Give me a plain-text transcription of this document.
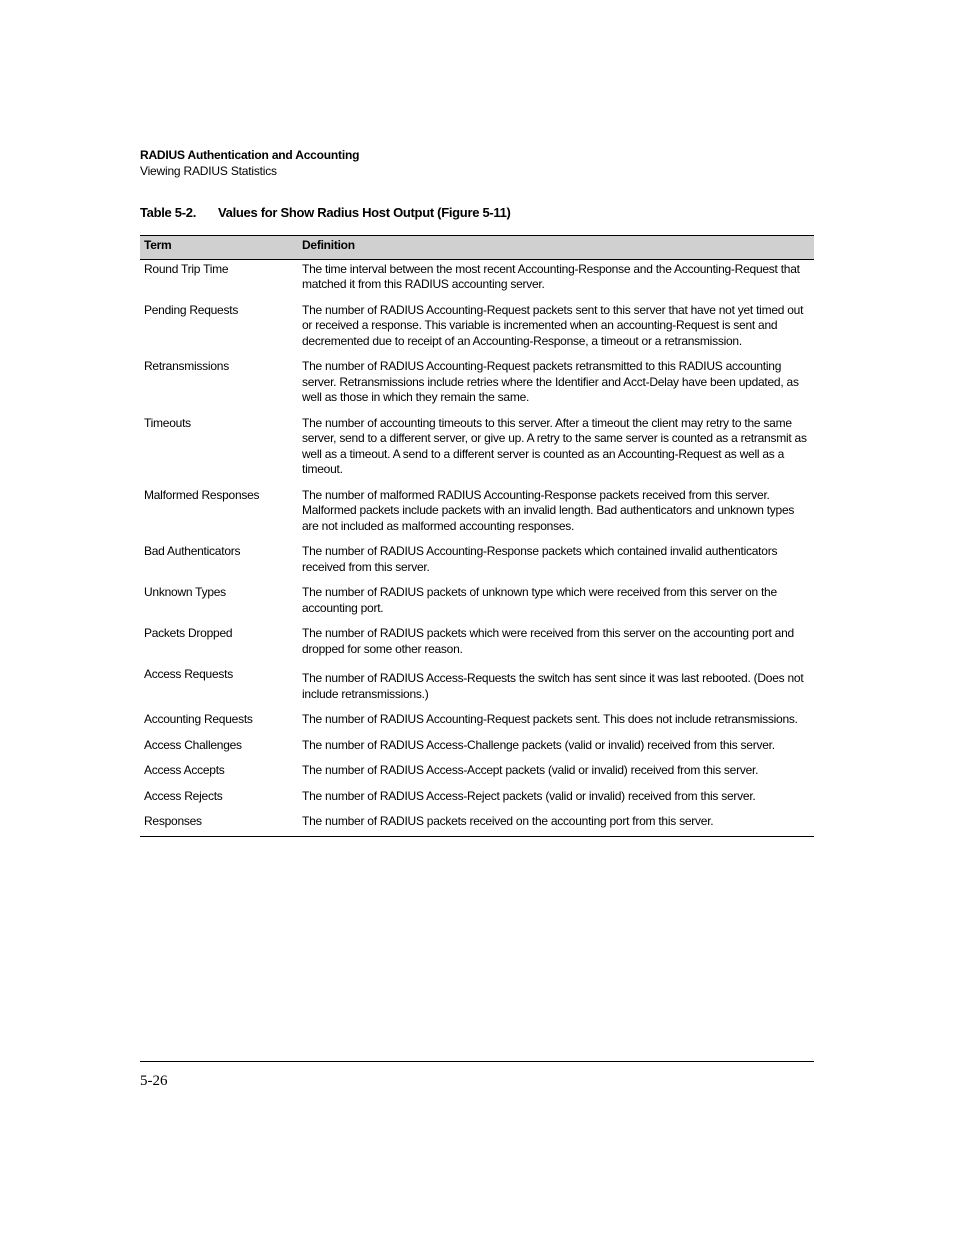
RADIUS Authentication and Accounting
Viewing RADIUS Statistics
Table 5-2. Values for Show Radius Host Output (Figure 5-11)
Term	Definition
Round Trip Time	The time interval between the most recent Accounting-Response and the Accounting-Request that matched it from this RADIUS accounting server.
Pending Requests	The number of RADIUS Accounting-Request packets sent to this server that have not yet timed out or received a response. This variable is incremented when an accounting-Request is sent and decremented due to receipt of an Accounting-Response, a timeout or a retransmission.
Retransmissions	The number of RADIUS Accounting-Request packets retransmitted to this RADIUS accounting server. Retransmissions include retries where the Identifier and Acct-Delay have been updated, as well as those in which they remain the same.
Timeouts	The number of accounting timeouts to this server. After a timeout the client may retry to the same server, send to a different server, or give up. A retry to the same server is counted as a retransmit as well as a timeout. A send to a different server is counted as an Accounting-Request as well as a timeout.
Malformed Responses	The number of malformed RADIUS Accounting-Response packets received from this server. Malformed packets include packets with an invalid length. Bad authenticators and unknown types are not included as malformed accounting responses.
Bad Authenticators	The number of RADIUS Accounting-Response packets which contained invalid authenticators received from this server.
Unknown Types	The number of RADIUS packets of unknown type which were received from this server on the accounting port.
Packets Dropped	The number of RADIUS packets which were received from this server on the accounting port and dropped for some other reason.
Access Requests	The number of RADIUS Access-Requests the switch has sent since it was last rebooted. (Does not include retransmissions.)
Accounting Requests	The number of RADIUS Accounting-Request packets sent. This does not include retransmissions.
Access Challenges	The number of RADIUS Access-Challenge packets (valid or invalid) received from this server.
Access Accepts	The number of RADIUS Access-Accept packets (valid or invalid) received from this server.
Access Rejects	The number of RADIUS Access-Reject packets (valid or invalid) received from this server.
Responses	The number of RADIUS packets received on the accounting port from this server.
5-26
